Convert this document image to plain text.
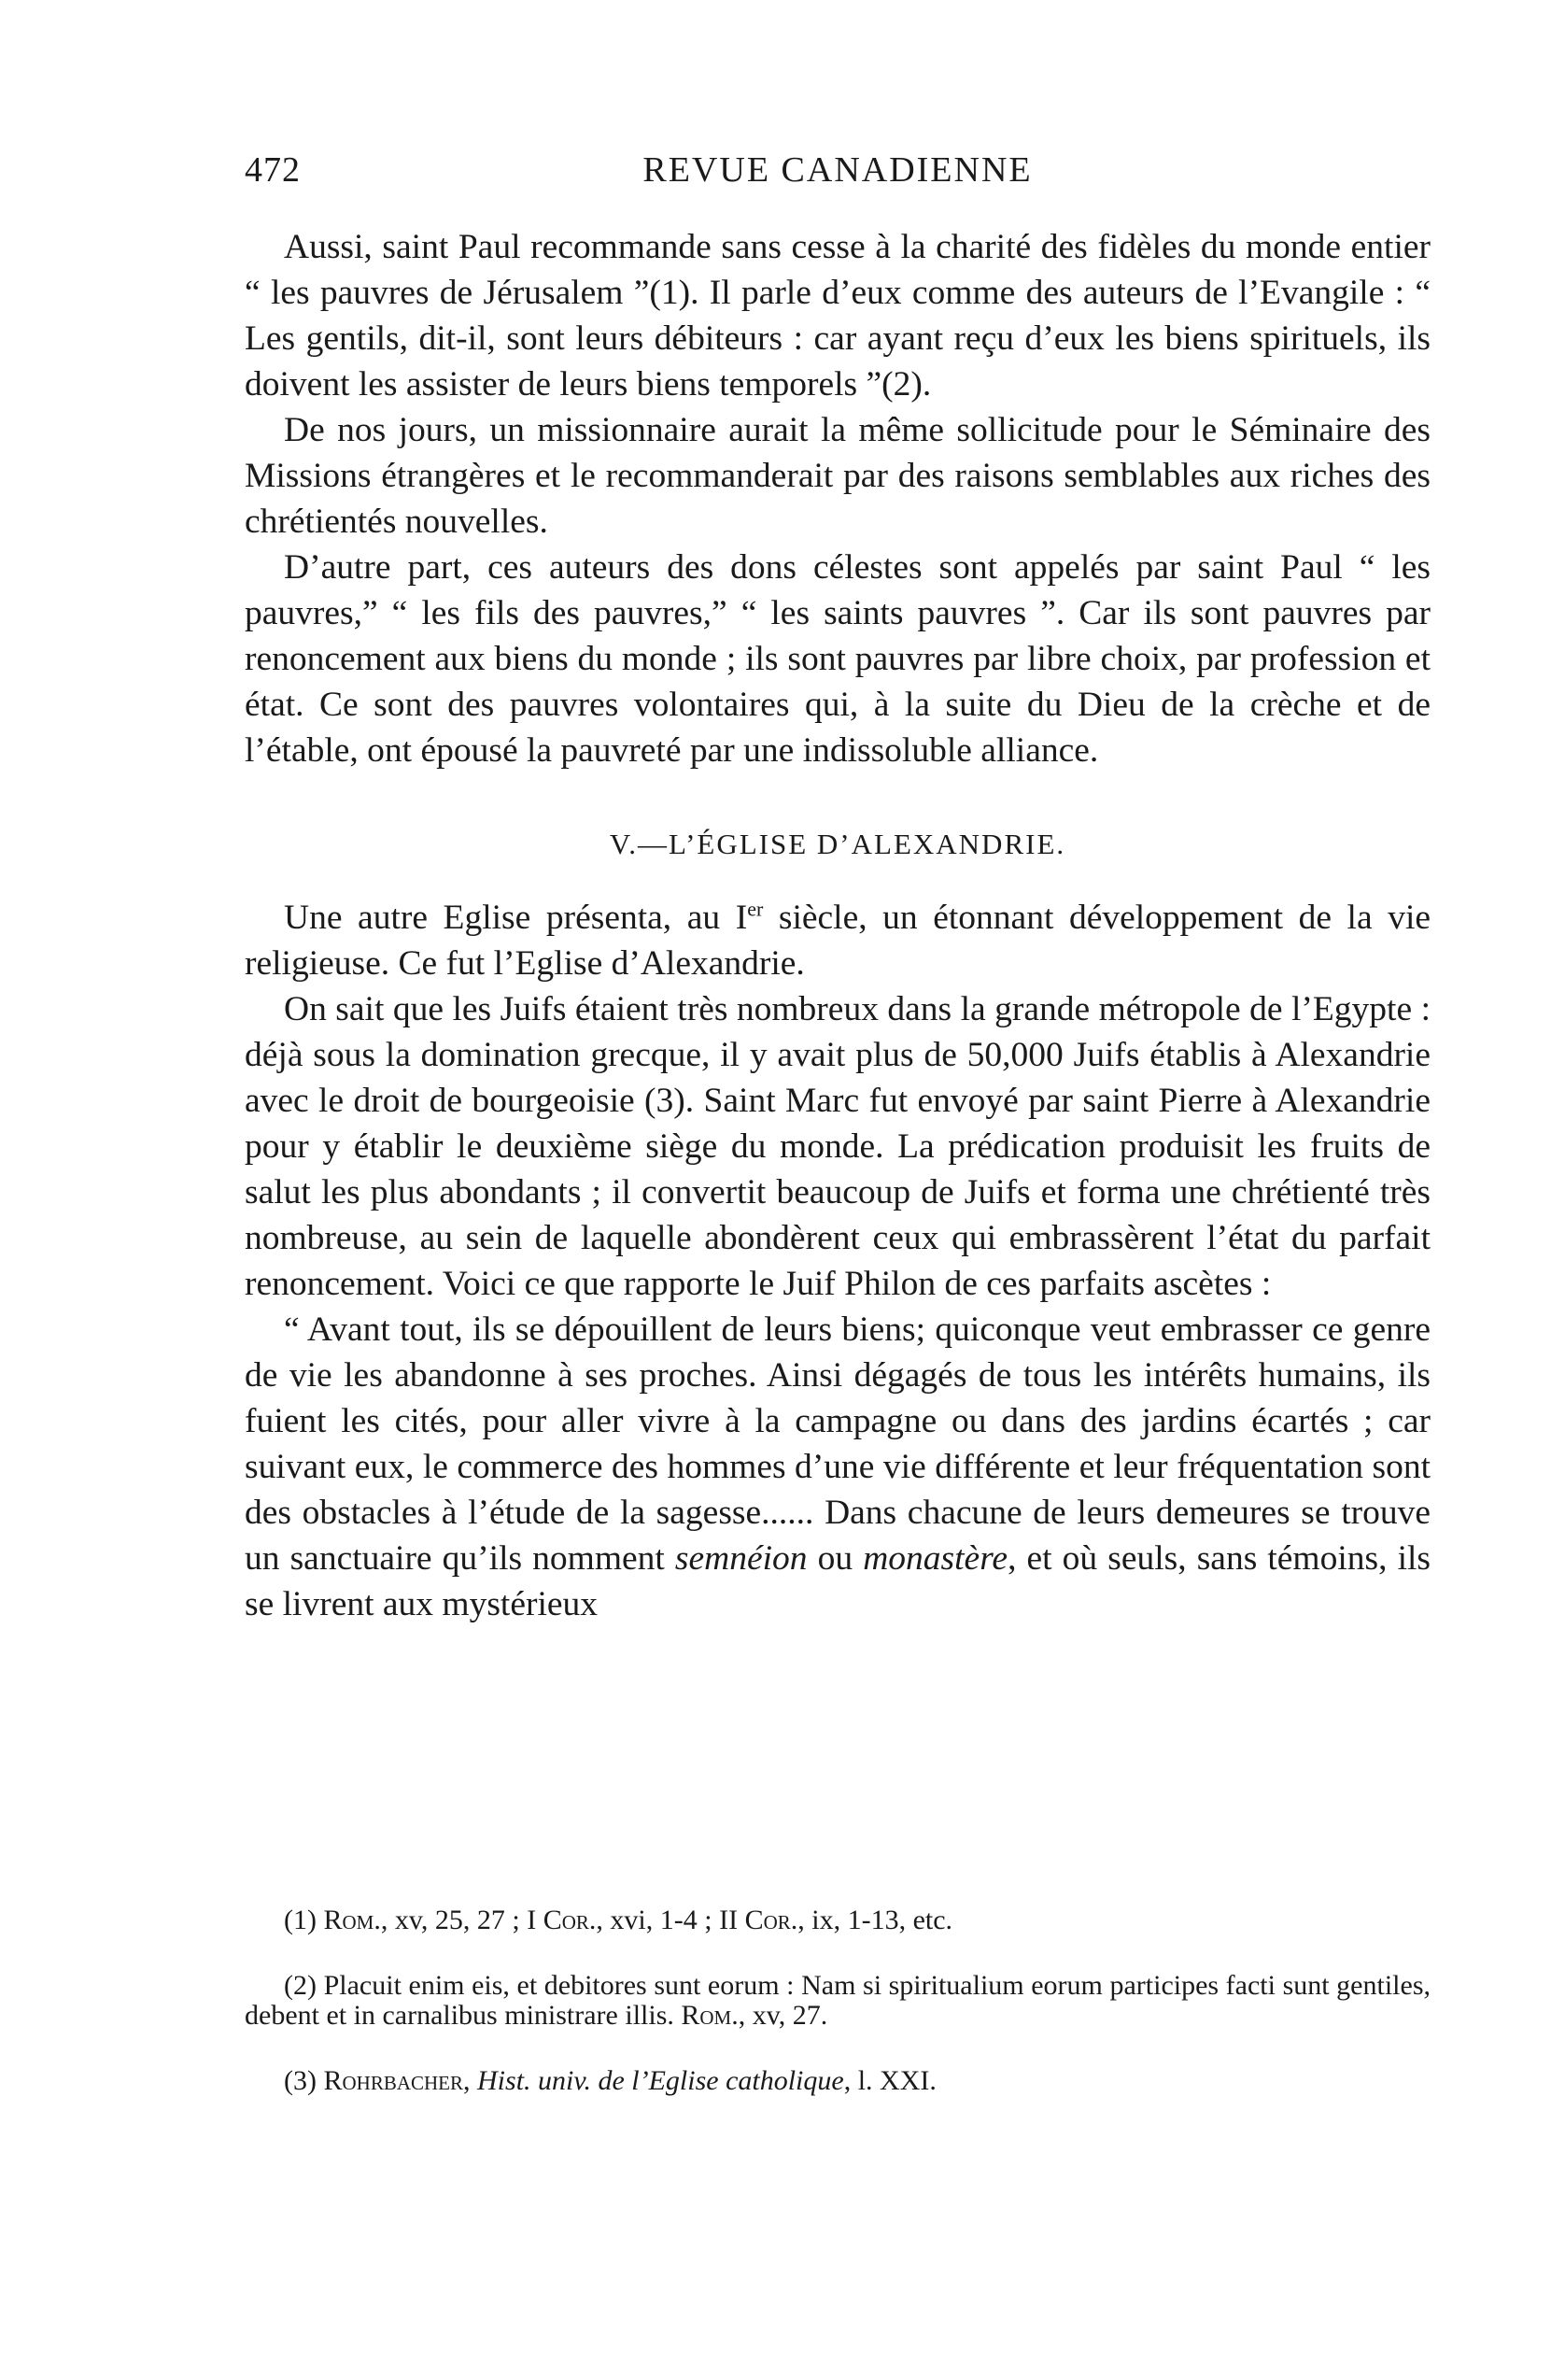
472	REVUE CANADIENNE

Aussi, saint Paul recommande sans cesse à la charité des fidèles du monde entier “ les pauvres de Jérusalem ”(1). Il parle d’eux comme des auteurs de l’Evangile : “ Les gentils, dit-il, sont leurs débiteurs : car ayant reçu d’eux les biens spirituels, ils doivent les assister de leurs biens temporels ”(2).

De nos jours, un missionnaire aurait la même sollicitude pour le Séminaire des Missions étrangères et le recommanderait par des raisons semblables aux riches des chrétientés nouvelles.

D’autre part, ces auteurs des dons célestes sont appelés par saint Paul “ les pauvres,” “ les fils des pauvres,” “ les saints pauvres ”. Car ils sont pauvres par renoncement aux biens du monde ; ils sont pauvres par libre choix, par profession et état. Ce sont des pauvres volontaires qui, à la suite du Dieu de la crèche et de l’étable, ont épousé la pauvreté par une indissoluble alliance.

V.—L’ÉGLISE D’ALEXANDRIE.

Une autre Eglise présenta, au Ier siècle, un étonnant développement de la vie religieuse. Ce fut l’Eglise d’Alexandrie.

On sait que les Juifs étaient très nombreux dans la grande métropole de l’Egypte : déjà sous la domination grecque, il y avait plus de 50,000 Juifs établis à Alexandrie avec le droit de bourgeoisie (3). Saint Marc fut envoyé par saint Pierre à Alexandrie pour y établir le deuxième siège du monde. La prédication produisit les fruits de salut les plus abondants ; il convertit beaucoup de Juifs et forma une chrétienté très nombreuse, au sein de laquelle abondèrent ceux qui embrassèrent l’état du parfait renoncement. Voici ce que rapporte le Juif Philon de ces parfaits ascètes :

“ Avant tout, ils se dépouillent de leurs biens; quiconque veut embrasser ce genre de vie les abandonne à ses proches. Ainsi dégagés de tous les intérêts humains, ils fuient les cités, pour aller vivre à la campagne ou dans des jardins écartés ; car suivant eux, le commerce des hommes d’une vie différente et leur fréquentation sont des obstacles à l’étude de la sagesse...... Dans chacune de leurs demeures se trouve un sanctuaire qu’ils nomment semnéion ou monastère, et où seuls, sans témoins, ils se livrent aux mystérieux

(1) Rom., xv, 25, 27 ; I Cor., xvi, 1-4 ; II Cor., ix, 1-13, etc.

(2) Placuit enim eis, et debitores sunt eorum : Nam si spiritualium eorum participes facti sunt gentiles, debent et in carnalibus ministrare illis. Rom., xv, 27.

(3) Rohrbacher, Hist. univ. de l’Eglise catholique, l. XXI.
